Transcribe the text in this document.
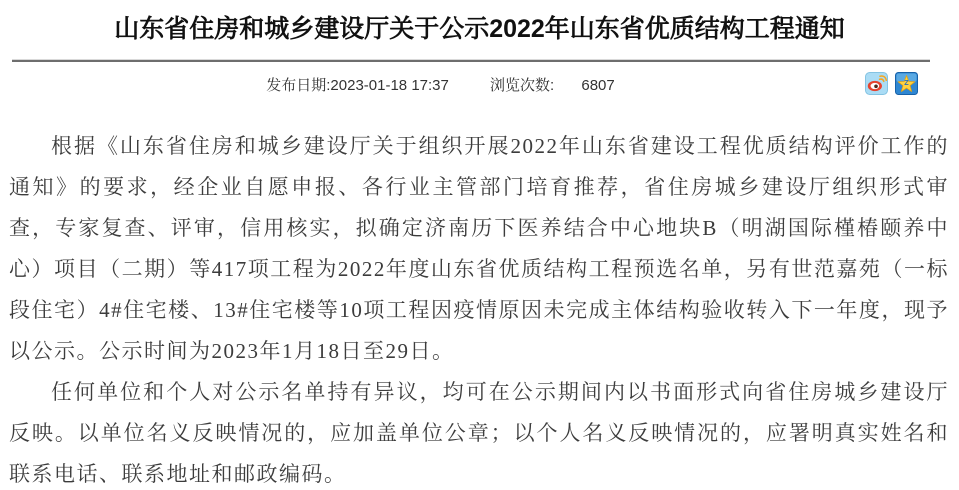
山东省住房和城乡建设厅关于公示2022年山东省优质结构工程通知
发布日期:2023-01-18 17:37	浏览次数: 6807	Z

根据《山东省住房和城乡建设厅关于组织开展2022年山东省建设工程优质结构评价工作的通知》的要求，经企业自愿申报、各行业主管部门培育推荐，省住房城乡建设厅组织形式审查，专家复查、评审，信用核实，拟确定济南历下医养结合中心地块B（明湖国际槿椿颐养中心）项目（二期）等417项工程为2022年度山东省优质结构工程预选名单，另有世范嘉苑（一标段住宅）4#住宅楼、13#住宅楼等10项工程因疫情原因未完成主体结构验收转入下一年度，现予以公示。公示时间为2023年1月18日至29日。

任何单位和个人对公示名单持有异议，均可在公示期间内以书面形式向省住房城乡建设厅反映。以单位名义反映情况的，应加盖单位公章；以个人名义反映情况的，应署明真实姓名和联系电话、联系地址和邮政编码。
